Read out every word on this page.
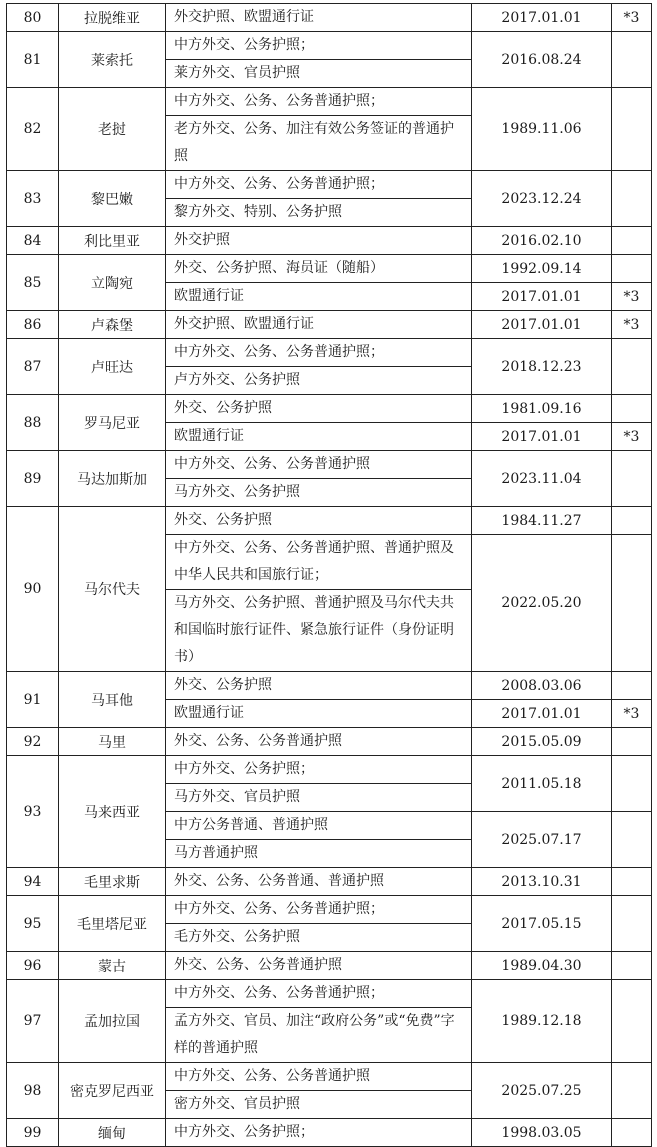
80	拉脱维亚	外交护照、欧盟通行证	2017.01.01	*3
81	莱索托	中方外交、公务护照；	2016.08.24	
		莱方外交、官员护照		
82	老挝	中方外交、公务、公务普通护照；	1989.11.06	
		老方外交、公务、加注有效公务签证的普通护照		
83	黎巴嫩	中方外交、公务、公务普通护照；	2023.12.24	
		黎方外交、特别、公务护照		
84	利比里亚	外交护照	2016.02.10	
85	立陶宛	外交、公务护照、海员证（随船）	1992.09.14	
		欧盟通行证	2017.01.01	*3
86	卢森堡	外交护照、欧盟通行证	2017.01.01	*3
87	卢旺达	中方外交、公务、公务普通护照；	2018.12.23	
		卢方外交、公务护照		
88	罗马尼亚	外交、公务护照	1981.09.16	
		欧盟通行证	2017.01.01	*3
89	马达加斯加	中方外交、公务、公务普通护照	2023.11.04	
		马方外交、公务护照		
90	马尔代夫	外交、公务护照	1984.11.27	
		中方外交、公务、公务普通护照、普通护照及中华人民共和国旅行证；	2022.05.20	
		马方外交、公务护照、普通护照及马尔代夫共和国临时旅行证件、紧急旅行证件（身份证明书）		
91	马耳他	外交、公务护照	2008.03.06	
		欧盟通行证	2017.01.01	*3
92	马里	外交、公务、公务普通护照	2015.05.09	
93	马来西亚	中方外交、公务护照；	2011.05.18	
		马方外交、官员护照		
		中方公务普通、普通护照	2025.07.17	
		马方普通护照		
94	毛里求斯	外交、公务、公务普通、普通护照	2013.10.31	
95	毛里塔尼亚	中方外交、公务、公务普通护照；	2017.05.15	
		毛方外交、公务护照		
96	蒙古	外交、公务、公务普通护照	1989.04.30	
97	孟加拉国	中方外交、公务、公务普通护照；	1989.12.18	
		孟方外交、官员、加注“政府公务”或“免费”字样的普通护照		
98	密克罗尼西亚	中方外交、公务、公务普通护照	2025.07.25	
		密方外交、官员护照		
99	缅甸	中方外交、公务护照；	1998.03.05	
